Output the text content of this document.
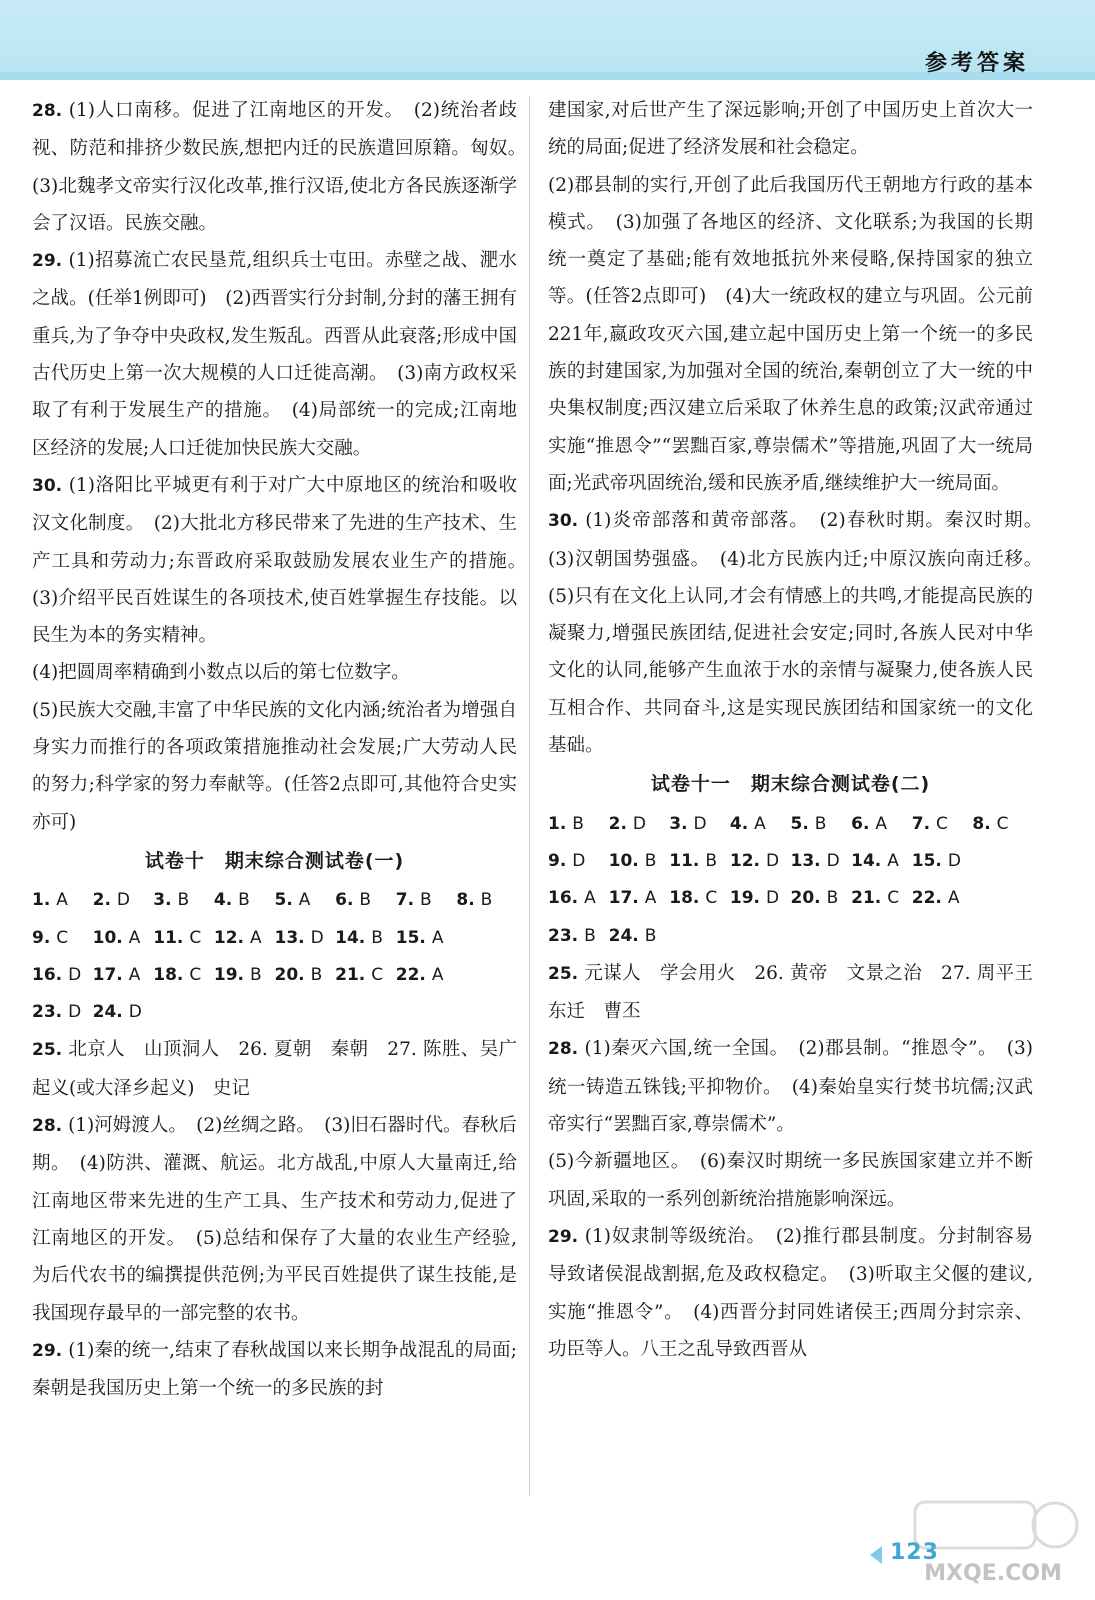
参考答案

28. (1)人口南移。促进了江南地区的开发。　(2)统治者歧视、防范和排挤少数民族,想把内迁的民族遣回原籍。匈奴。　(3)北魏孝文帝实行汉化改革,推行汉语,使北方各民族逐渐学会了汉语。民族交融。

29. (1)招募流亡农民垦荒,组织兵士屯田。赤壁之战、淝水之战。(任举1例即可)　(2)西晋实行分封制,分封的藩王拥有重兵,为了争夺中央政权,发生叛乱。西晋从此衰落;形成中国古代历史上第一次大规模的人口迁徙高潮。　(3)南方政权采取了有利于发展生产的措施。　(4)局部统一的完成;江南地区经济的发展;人口迁徙加快民族大交融。

30. (1)洛阳比平城更有利于对广大中原地区的统治和吸收汉文化制度。　(2)大批北方移民带来了先进的生产技术、生产工具和劳动力;东晋政府采取鼓励发展农业生产的措施。　(3)介绍平民百姓谋生的各项技术,使百姓掌握生存技能。以民生为本的务实精神。

(4)把圆周率精确到小数点以后的第七位数字。

(5)民族大交融,丰富了中华民族的文化内涵;统治者为增强自身实力而推行的各项政策措施推动社会发展;广大劳动人民的努力;科学家的努力奉献等。(任答2点即可,其他符合史实亦可)

试卷十　期末综合测试卷(一)
1. A	2. D	3. B	4. B	5. A	6. B	7. B	8. B
9. C	10. A 11. C 12. A 13. D 14. B 15. A
16. D 17. A 18. C 19. B 20. B 21. C 22. A
23. D 24. D

25. 北京人　山顶洞人　26. 夏朝　秦朝　27. 陈胜、吴广起义(或大泽乡起义)　史记

28. (1)河姆渡人。　(2)丝绸之路。　(3)旧石器时代。春秋后期。　(4)防洪、灌溉、航运。北方战乱,中原人大量南迁,给江南地区带来先进的生产工具、生产技术和劳动力,促进了江南地区的开发。　(5)总结和保存了大量的农业生产经验,为后代农书的编撰提供范例;为平民百姓提供了谋生技能,是我国现存最早的一部完整的农书。

29. (1)秦的统一,结束了春秋战国以来长期争战混乱的局面;秦朝是我国历史上第一个统一的多民族的封

建国家,对后世产生了深远影响;开创了中国历史上首次大一统的局面;促进了经济发展和社会稳定。

(2)郡县制的实行,开创了此后我国历代王朝地方行政的基本模式。　(3)加强了各地区的经济、文化联系;为我国的长期统一奠定了基础;能有效地抵抗外来侵略,保持国家的独立等。(任答2点即可)　(4)大一统政权的建立与巩固。公元前221年,嬴政攻灭六国,建立起中国历史上第一个统一的多民族的封建国家,为加强对全国的统治,秦朝创立了大一统的中央集权制度;西汉建立后采取了休养生息的政策;汉武帝通过实施“推恩令”“罢黜百家,尊崇儒术”等措施,巩固了大一统局面;光武帝巩固统治,缓和民族矛盾,继续维护大一统局面。

30. (1)炎帝部落和黄帝部落。　(2)春秋时期。秦汉时期。　(3)汉朝国势强盛。　(4)北方民族内迁;中原汉族向南迁移。　(5)只有在文化上认同,才会有情感上的共鸣,才能提高民族的凝聚力,增强民族团结,促进社会安定;同时,各族人民对中华文化的认同,能够产生血浓于水的亲情与凝聚力,使各族人民互相合作、共同奋斗,这是实现民族团结和国家统一的文化基础。

试卷十一　期末综合测试卷(二)
1. B	2. D	3. D	4. A	5. B	6. A	7. C	8. C
9. D	10. B 11. B 12. D 13. D 14. A 15. D
16. A 17. A 18. C 19. D 20. B 21. C 22. A
23. B 24. B

25. 元谋人　学会用火　26. 黄帝　文景之治　27. 周平王东迁　曹丕

28. (1)秦灭六国,统一全国。　(2)郡县制。“推恩令”。　(3)统一铸造五铢钱;平抑物价。　(4)秦始皇实行焚书坑儒;汉武帝实行“罢黜百家,尊崇儒术”。

(5)今新疆地区。　(6)秦汉时期统一多民族国家建立并不断巩固,采取的一系列创新统治措施影响深远。

29. (1)奴隶制等级统治。　(2)推行郡县制度。分封制容易导致诸侯混战割据,危及政权稳定。　(3)听取主父偃的建议,实施“推恩令”。　(4)西晋分封同姓诸侯王;西周分封宗亲、功臣等人。八王之乱导致西晋从

123
MXQE.COM
